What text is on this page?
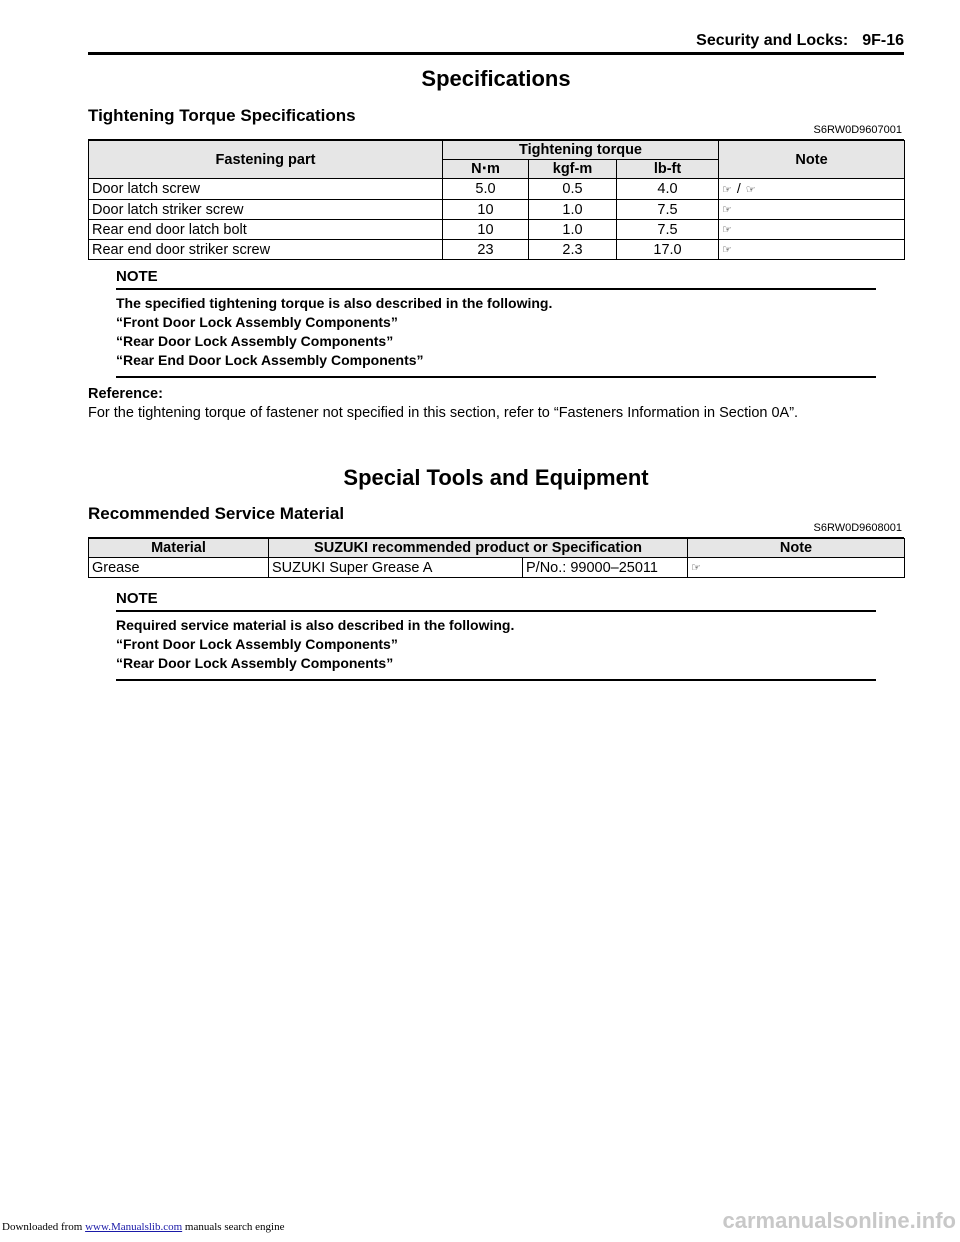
Security and Locks: 9F-16
Specifications
Tightening Torque Specifications
S6RW0D9607001
Fastening part	Tightening torque			Note
	N⋅m	kgf-m	lb-ft	
Door latch screw	5.0	0.5	4.0	☞ / ☞
Door latch striker screw	10	1.0	7.5	☞
Rear end door latch bolt	10	1.0	7.5	☞
Rear end door striker screw	23	2.3	17.0	☞
NOTE
The specified tightening torque is also described in the following.
“Front Door Lock Assembly Components”
“Rear Door Lock Assembly Components”
“Rear End Door Lock Assembly Components”
Reference:
For the tightening torque of fastener not specified in this section, refer to “Fasteners Information in Section 0A”.
Special Tools and Equipment
Recommended Service Material
S6RW0D9608001
Material	SUZUKI recommended product or Specification		Note
Grease	SUZUKI Super Grease A	P/No.: 99000–25011	☞
NOTE
Required service material is also described in the following.
“Front Door Lock Assembly Components”
“Rear Door Lock Assembly Components”
Downloaded from www.Manualslib.com manuals search engine	carmanualsonline.info
